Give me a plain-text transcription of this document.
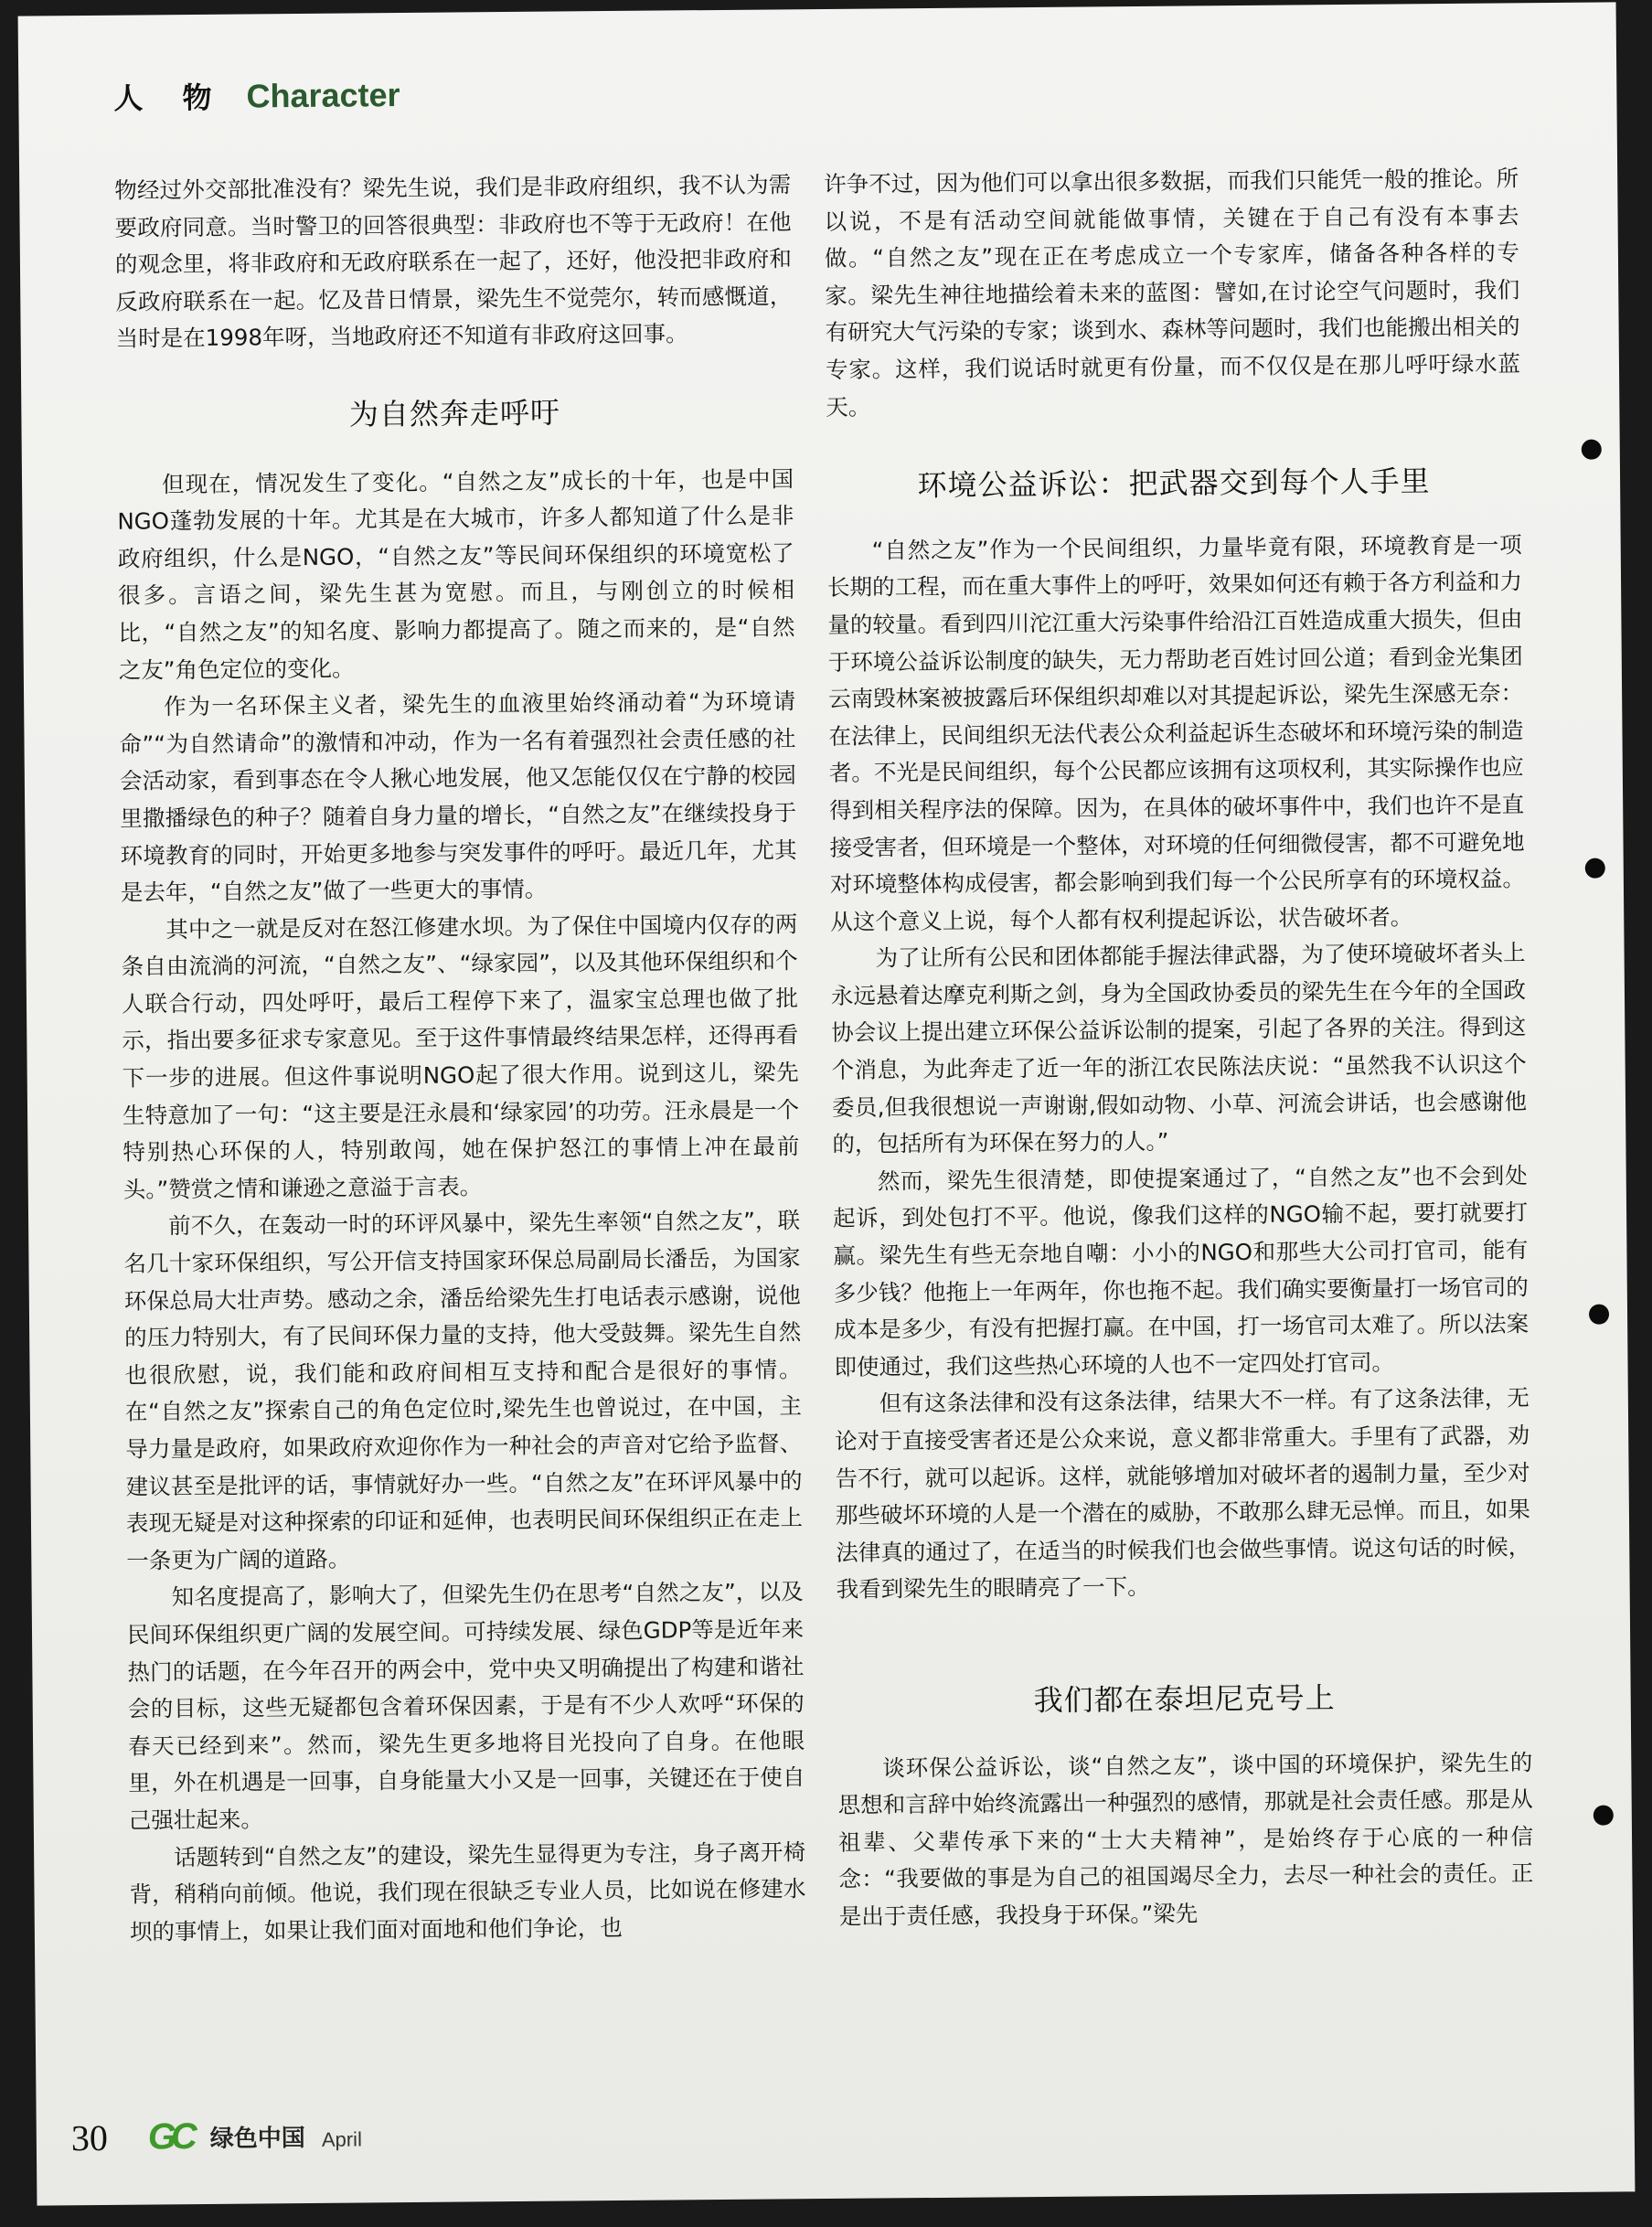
人 物 Character

物经过外交部批准没有？梁先生说，我们是非政府组织，我不认为需要政府同意。当时警卫的回答很典型：非政府也不等于无政府！在他的观念里，将非政府和无政府联系在一起了，还好，他没把非政府和反政府联系在一起。忆及昔日情景，梁先生不觉莞尔，转而感慨道，当时是在1998年呀，当地政府还不知道有非政府这回事。

为自然奔走呼吁

但现在，情况发生了变化。“自然之友”成长的十年，也是中国NGO蓬勃发展的十年。尤其是在大城市，许多人都知道了什么是非政府组织，什么是NGO，“自然之友”等民间环保组织的环境宽松了很多。言语之间，梁先生甚为宽慰。而且，与刚创立的时候相比，“自然之友”的知名度、影响力都提高了。随之而来的，是“自然之友”角色定位的变化。

作为一名环保主义者，梁先生的血液里始终涌动着“为环境请命”“为自然请命”的激情和冲动，作为一名有着强烈社会责任感的社会活动家，看到事态在令人揪心地发展，他又怎能仅仅在宁静的校园里撒播绿色的种子？随着自身力量的增长，“自然之友”在继续投身于环境教育的同时，开始更多地参与突发事件的呼吁。最近几年，尤其是去年，“自然之友”做了一些更大的事情。

其中之一就是反对在怒江修建水坝。为了保住中国境内仅存的两条自由流淌的河流，“自然之友”、“绿家园”，以及其他环保组织和个人联合行动，四处呼吁，最后工程停下来了，温家宝总理也做了批示，指出要多征求专家意见。至于这件事情最终结果怎样，还得再看下一步的进展。但这件事说明NGO起了很大作用。说到这儿，梁先生特意加了一句：“这主要是汪永晨和‘绿家园’的功劳。汪永晨是一个特别热心环保的人，特别敢闯，她在保护怒江的事情上冲在最前头。”赞赏之情和谦逊之意溢于言表。

前不久，在轰动一时的环评风暴中，梁先生率领“自然之友”，联名几十家环保组织，写公开信支持国家环保总局副局长潘岳，为国家环保总局大壮声势。感动之余，潘岳给梁先生打电话表示感谢，说他的压力特别大，有了民间环保力量的支持，他大受鼓舞。梁先生自然也很欣慰，说，我们能和政府间相互支持和配合是很好的事情。在“自然之友”探索自己的角色定位时,梁先生也曾说过，在中国，主导力量是政府，如果政府欢迎你作为一种社会的声音对它给予监督、建议甚至是批评的话，事情就好办一些。“自然之友”在环评风暴中的表现无疑是对这种探索的印证和延伸，也表明民间环保组织正在走上一条更为广阔的道路。

知名度提高了，影响大了，但梁先生仍在思考“自然之友”，以及民间环保组织更广阔的发展空间。可持续发展、绿色GDP等是近年来热门的话题，在今年召开的两会中，党中央又明确提出了构建和谐社会的目标，这些无疑都包含着环保因素，于是有不少人欢呼“环保的春天已经到来”。然而，梁先生更多地将目光投向了自身。在他眼里，外在机遇是一回事，自身能量大小又是一回事，关键还在于使自己强壮起来。

话题转到“自然之友”的建设，梁先生显得更为专注，身子离开椅背，稍稍向前倾。他说，我们现在很缺乏专业人员，比如说在修建水坝的事情上，如果让我们面对面地和他们争论，也

许争不过，因为他们可以拿出很多数据，而我们只能凭一般的推论。所以说，不是有活动空间就能做事情，关键在于自己有没有本事去做。“自然之友”现在正在考虑成立一个专家库，储备各种各样的专家。梁先生神往地描绘着未来的蓝图：譬如,在讨论空气问题时，我们有研究大气污染的专家；谈到水、森林等问题时，我们也能搬出相关的专家。这样，我们说话时就更有份量，而不仅仅是在那儿呼吁绿水蓝天。

环境公益诉讼：把武器交到每个人手里

“自然之友”作为一个民间组织，力量毕竟有限，环境教育是一项长期的工程，而在重大事件上的呼吁，效果如何还有赖于各方利益和力量的较量。看到四川沱江重大污染事件给沿江百姓造成重大损失，但由于环境公益诉讼制度的缺失，无力帮助老百姓讨回公道；看到金光集团云南毁林案被披露后环保组织却难以对其提起诉讼，梁先生深感无奈：在法律上，民间组织无法代表公众利益起诉生态破坏和环境污染的制造者。不光是民间组织，每个公民都应该拥有这项权利，其实际操作也应得到相关程序法的保障。因为，在具体的破坏事件中，我们也许不是直接受害者，但环境是一个整体，对环境的任何细微侵害，都不可避免地对环境整体构成侵害，都会影响到我们每一个公民所享有的环境权益。从这个意义上说，每个人都有权利提起诉讼，状告破坏者。

为了让所有公民和团体都能手握法律武器，为了使环境破坏者头上永远悬着达摩克利斯之剑，身为全国政协委员的梁先生在今年的全国政协会议上提出建立环保公益诉讼制的提案，引起了各界的关注。得到这个消息，为此奔走了近一年的浙江农民陈法庆说：“虽然我不认识这个委员,但我很想说一声谢谢,假如动物、小草、河流会讲话，也会感谢他的，包括所有为环保在努力的人。”

然而，梁先生很清楚，即使提案通过了，“自然之友”也不会到处起诉，到处包打不平。他说，像我们这样的NGO输不起，要打就要打赢。梁先生有些无奈地自嘲：小小的NGO和那些大公司打官司，能有多少钱？他拖上一年两年，你也拖不起。我们确实要衡量打一场官司的成本是多少，有没有把握打赢。在中国，打一场官司太难了。所以法案即使通过，我们这些热心环境的人也不一定四处打官司。

但有这条法律和没有这条法律，结果大不一样。有了这条法律，无论对于直接受害者还是公众来说，意义都非常重大。手里有了武器，劝告不行，就可以起诉。这样，就能够增加对破坏者的遏制力量，至少对那些破坏环境的人是一个潜在的威胁，不敢那么肆无忌惮。而且，如果法律真的通过了，在适当的时候我们也会做些事情。说这句话的时候，我看到梁先生的眼睛亮了一下。

我们都在泰坦尼克号上

谈环保公益诉讼，谈“自然之友”，谈中国的环境保护，梁先生的思想和言辞中始终流露出一种强烈的感情，那就是社会责任感。那是从祖辈、父辈传承下来的“士大夫精神”，是始终存于心底的一种信念：“我要做的事是为自己的祖国竭尽全力，去尽一种社会的责任。正是出于责任感，我投身于环保。”梁先

30 GC 绿色中国 April
